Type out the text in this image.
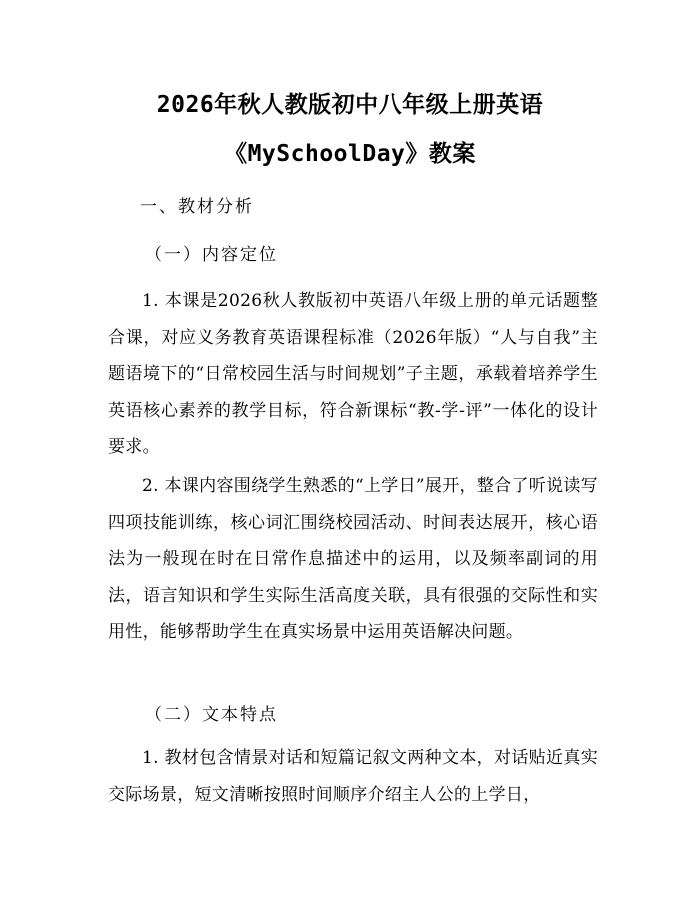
2026年秋人教版初中八年级上册英语
《MySchoolDay》教案
一、教材分析
（一）内容定位

1. 本课是2026秋人教版初中英语八年级上册的单元话题整合课，对应义务教育英语课程标准（2026年版）“人与自我”主题语境下的“日常校园生活与时间规划”子主题，承载着培养学生英语核心素养的教学目标，符合新课标“教-学-评”一体化的设计要求。

2. 本课内容围绕学生熟悉的“上学日”展开，整合了听说读写四项技能训练，核心词汇围绕校园活动、时间表达展开，核心语法为一般现在时在日常作息描述中的运用，以及频率副词的用法，语言知识和学生实际生活高度关联，具有很强的交际性和实用性，能够帮助学生在真实场景中运用英语解决问题。

（二）文本特点

1. 教材包含情景对话和短篇记叙文两种文本，对话贴近真实交际场景，短文清晰按照时间顺序介绍主人公的上学日，
